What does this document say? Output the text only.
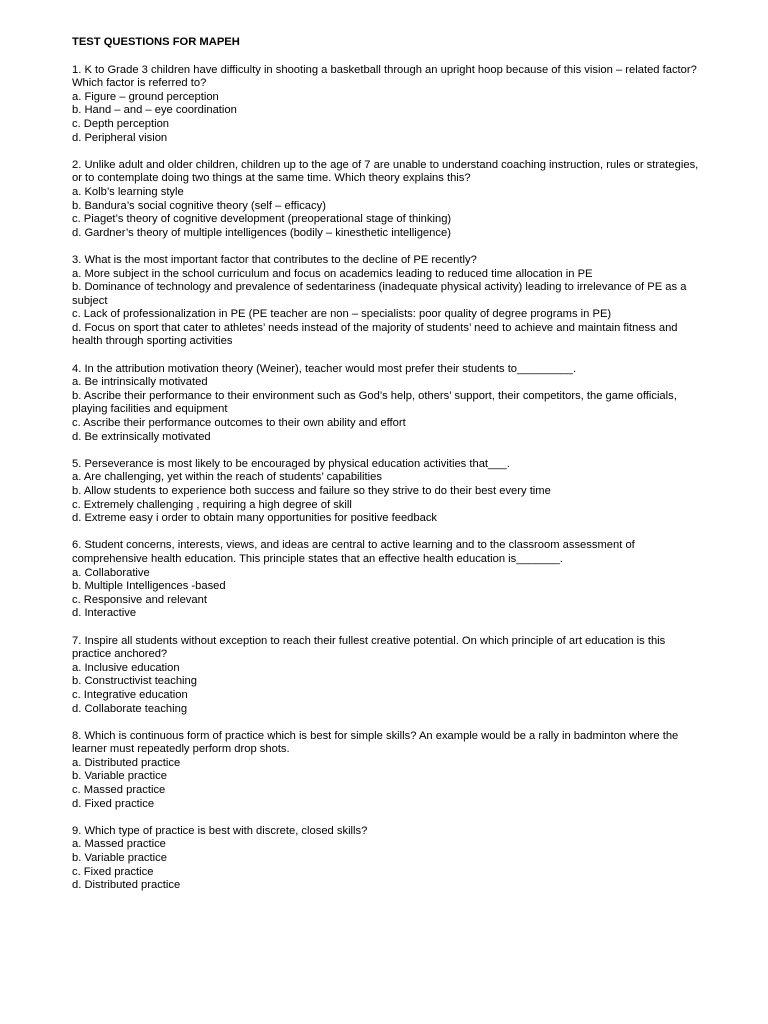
TEST QUESTIONS FOR MAPEH

1. K to Grade 3 children have difficulty in shooting a basketball through an upright hoop because of this vision – related factor? Which factor is referred to?

a. Figure – ground perception

b. Hand – and – eye coordination

c. Depth perception

d. Peripheral vision

2. Unlike adult and older children, children up to the age of 7 are unable to understand coaching instruction, rules or strategies, or to contemplate doing two things at the same time. Which theory explains this?

a. Kolb’s learning style

b. Bandura’s social cognitive theory (self – efficacy)

c. Piaget’s theory of cognitive development (preoperational stage of thinking)

d. Gardner’s theory of multiple intelligences (bodily – kinesthetic intelligence)

3. What is the most important factor that contributes to the decline of PE recently?

a. More subject in the school curriculum and focus on academics leading to reduced time allocation in PE

b. Dominance of technology and prevalence of sedentariness (inadequate physical activity) leading to irrelevance of PE as a subject

c. Lack of professionalization in PE (PE teacher are non – specialists: poor quality of degree programs in PE)

d. Focus on sport that cater to athletes’ needs instead of the majority of students’ need to achieve and maintain fitness and health through sporting activities

4. In the attribution motivation theory (Weiner), teacher would most prefer their students to_________.

a. Be intrinsically motivated

b. Ascribe their performance to their environment such as God’s help, others’ support, their competitors, the game officials, playing facilities and equipment

c. Ascribe their performance outcomes to their own ability and effort

d. Be extrinsically motivated

5. Perseverance is most likely to be encouraged by physical education activities that___.

a. Are challenging, yet within the reach of students’ capabilities

b. Allow students to experience both success and failure so they strive to do their best every time

c. Extremely challenging , requiring a high degree of skill

d. Extreme easy i order to obtain many opportunities for positive feedback

6. Student concerns, interests, views, and ideas are central to active learning and to the classroom assessment of comprehensive health education. This principle states that an effective health education is_______.

a. Collaborative

b. Multiple Intelligences -based

c. Responsive and relevant

d. Interactive

7. Inspire all students without exception to reach their fullest creative potential. On which principle of art education is this practice anchored?

a. Inclusive education

b. Constructivist teaching

c. Integrative education

d. Collaborate teaching

8. Which is continuous form of practice which is best for simple skills? An example would be a rally in badminton where the learner must repeatedly perform drop shots.

a. Distributed practice

b. Variable practice

c. Massed practice

d. Fixed practice

9. Which type of practice is best with discrete, closed skills?

a. Massed practice

b. Variable practice

c. Fixed practice

d. Distributed practice
